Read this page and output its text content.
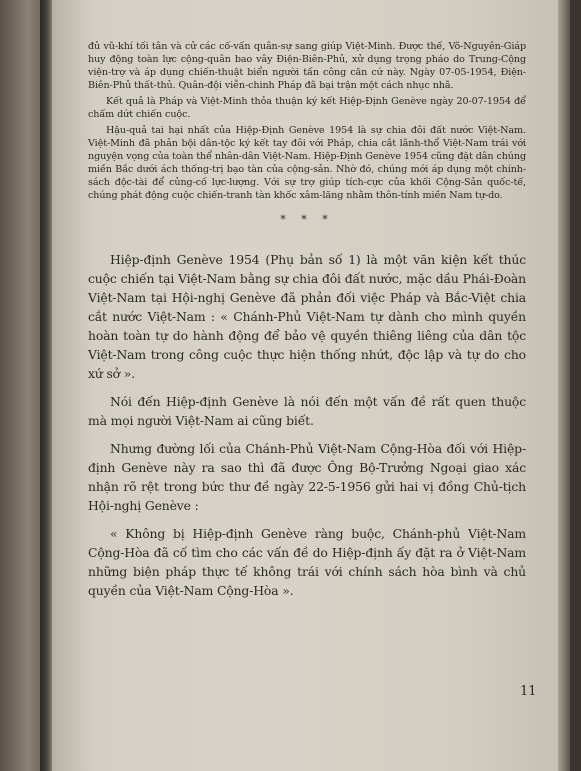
đủ vũ-khí tối tân và cử các cố-vấn quân-sự sang giúp Việt-Minh. Được thế, Võ-Nguyên-Giáp huy động toàn lực cộng-quân bao vây Điện-Biên-Phủ, xử dụng trọng pháo do Trung-Cộng viện-trợ và áp dụng chiến-thuật biển người tấn công căn cứ này. Ngày 07-05-1954, Điện-Biên-Phủ thất-thủ. Quân-đội viễn-chinh Pháp đã bại trận một cách nhục nhã.

Kết quả là Pháp và Việt-Minh thỏa thuận ký kết Hiệp-Định Genève ngày 20-07-1954 để chấm dứt chiến cuộc.

Hậu-quả tai hại nhất của Hiệp-Định Genève 1954 là sự chia đôi đất nước Việt-Nam. Việt-Minh đã phản bội dân-tộc ký kết tay đôi với Pháp, chia cắt lãnh-thổ Việt-Nam trái với nguyện vọng của toàn thể nhân-dân Việt-Nam. Hiệp-Định Genève 1954 cũng đặt dân chúng miền Bắc dưới ách thống-trị bạo tàn của cộng-sản. Nhờ đó, chúng mới áp dụng một chính-sách độc-tài để củng-cố lực-lượng. Với sự trợ giúp tích-cực của khối Cộng-Sản quốc-tế, chúng phát động cuộc chiến-tranh tàn khốc xâm-lăng nhằm thôn-tính miền Nam tự-do.

* * *

Hiệp-định Genève 1954 (Phụ bản số 1) là một văn kiện kết thúc cuộc chiến tại Việt-Nam bằng sự chia đôi đất nước, mặc dầu Phái-Đoàn Việt-Nam tại Hội-nghị Genève đã phản đối việc Pháp và Bắc-Việt chia cắt nước Việt-Nam : « Chánh-Phủ Việt-Nam tự dành cho mình quyền hoàn toàn tự do hành động để bảo vệ quyền thiêng liêng của dân tộc Việt-Nam trong công cuộc thực hiện thống nhứt, độc lập và tự do cho xứ sở ».

Nói đến Hiệp-định Genève là nói đến một vấn đề rất quen thuộc mà mọi người Việt-Nam ai cũng biết.

Nhưng đường lối của Chánh-Phủ Việt-Nam Cộng-Hòa đối với Hiệp-định Genève này ra sao thì đã được Ông Bộ-Trưởng Ngoại giao xác nhận rõ rệt trong bức thư đề ngày 22-5-1956 gửi hai vị đồng Chủ-tịch Hội-nghị Genève :

« Không bị Hiệp-định Genève ràng buộc, Chánh-phủ Việt-Nam Cộng-Hòa đã cố tìm cho các vấn đề do Hiệp-định ấy đặt ra ở Việt-Nam những biện pháp thực tế không trái với chính sách hòa bình và chủ quyền của Việt-Nam Cộng-Hòa ».

11
